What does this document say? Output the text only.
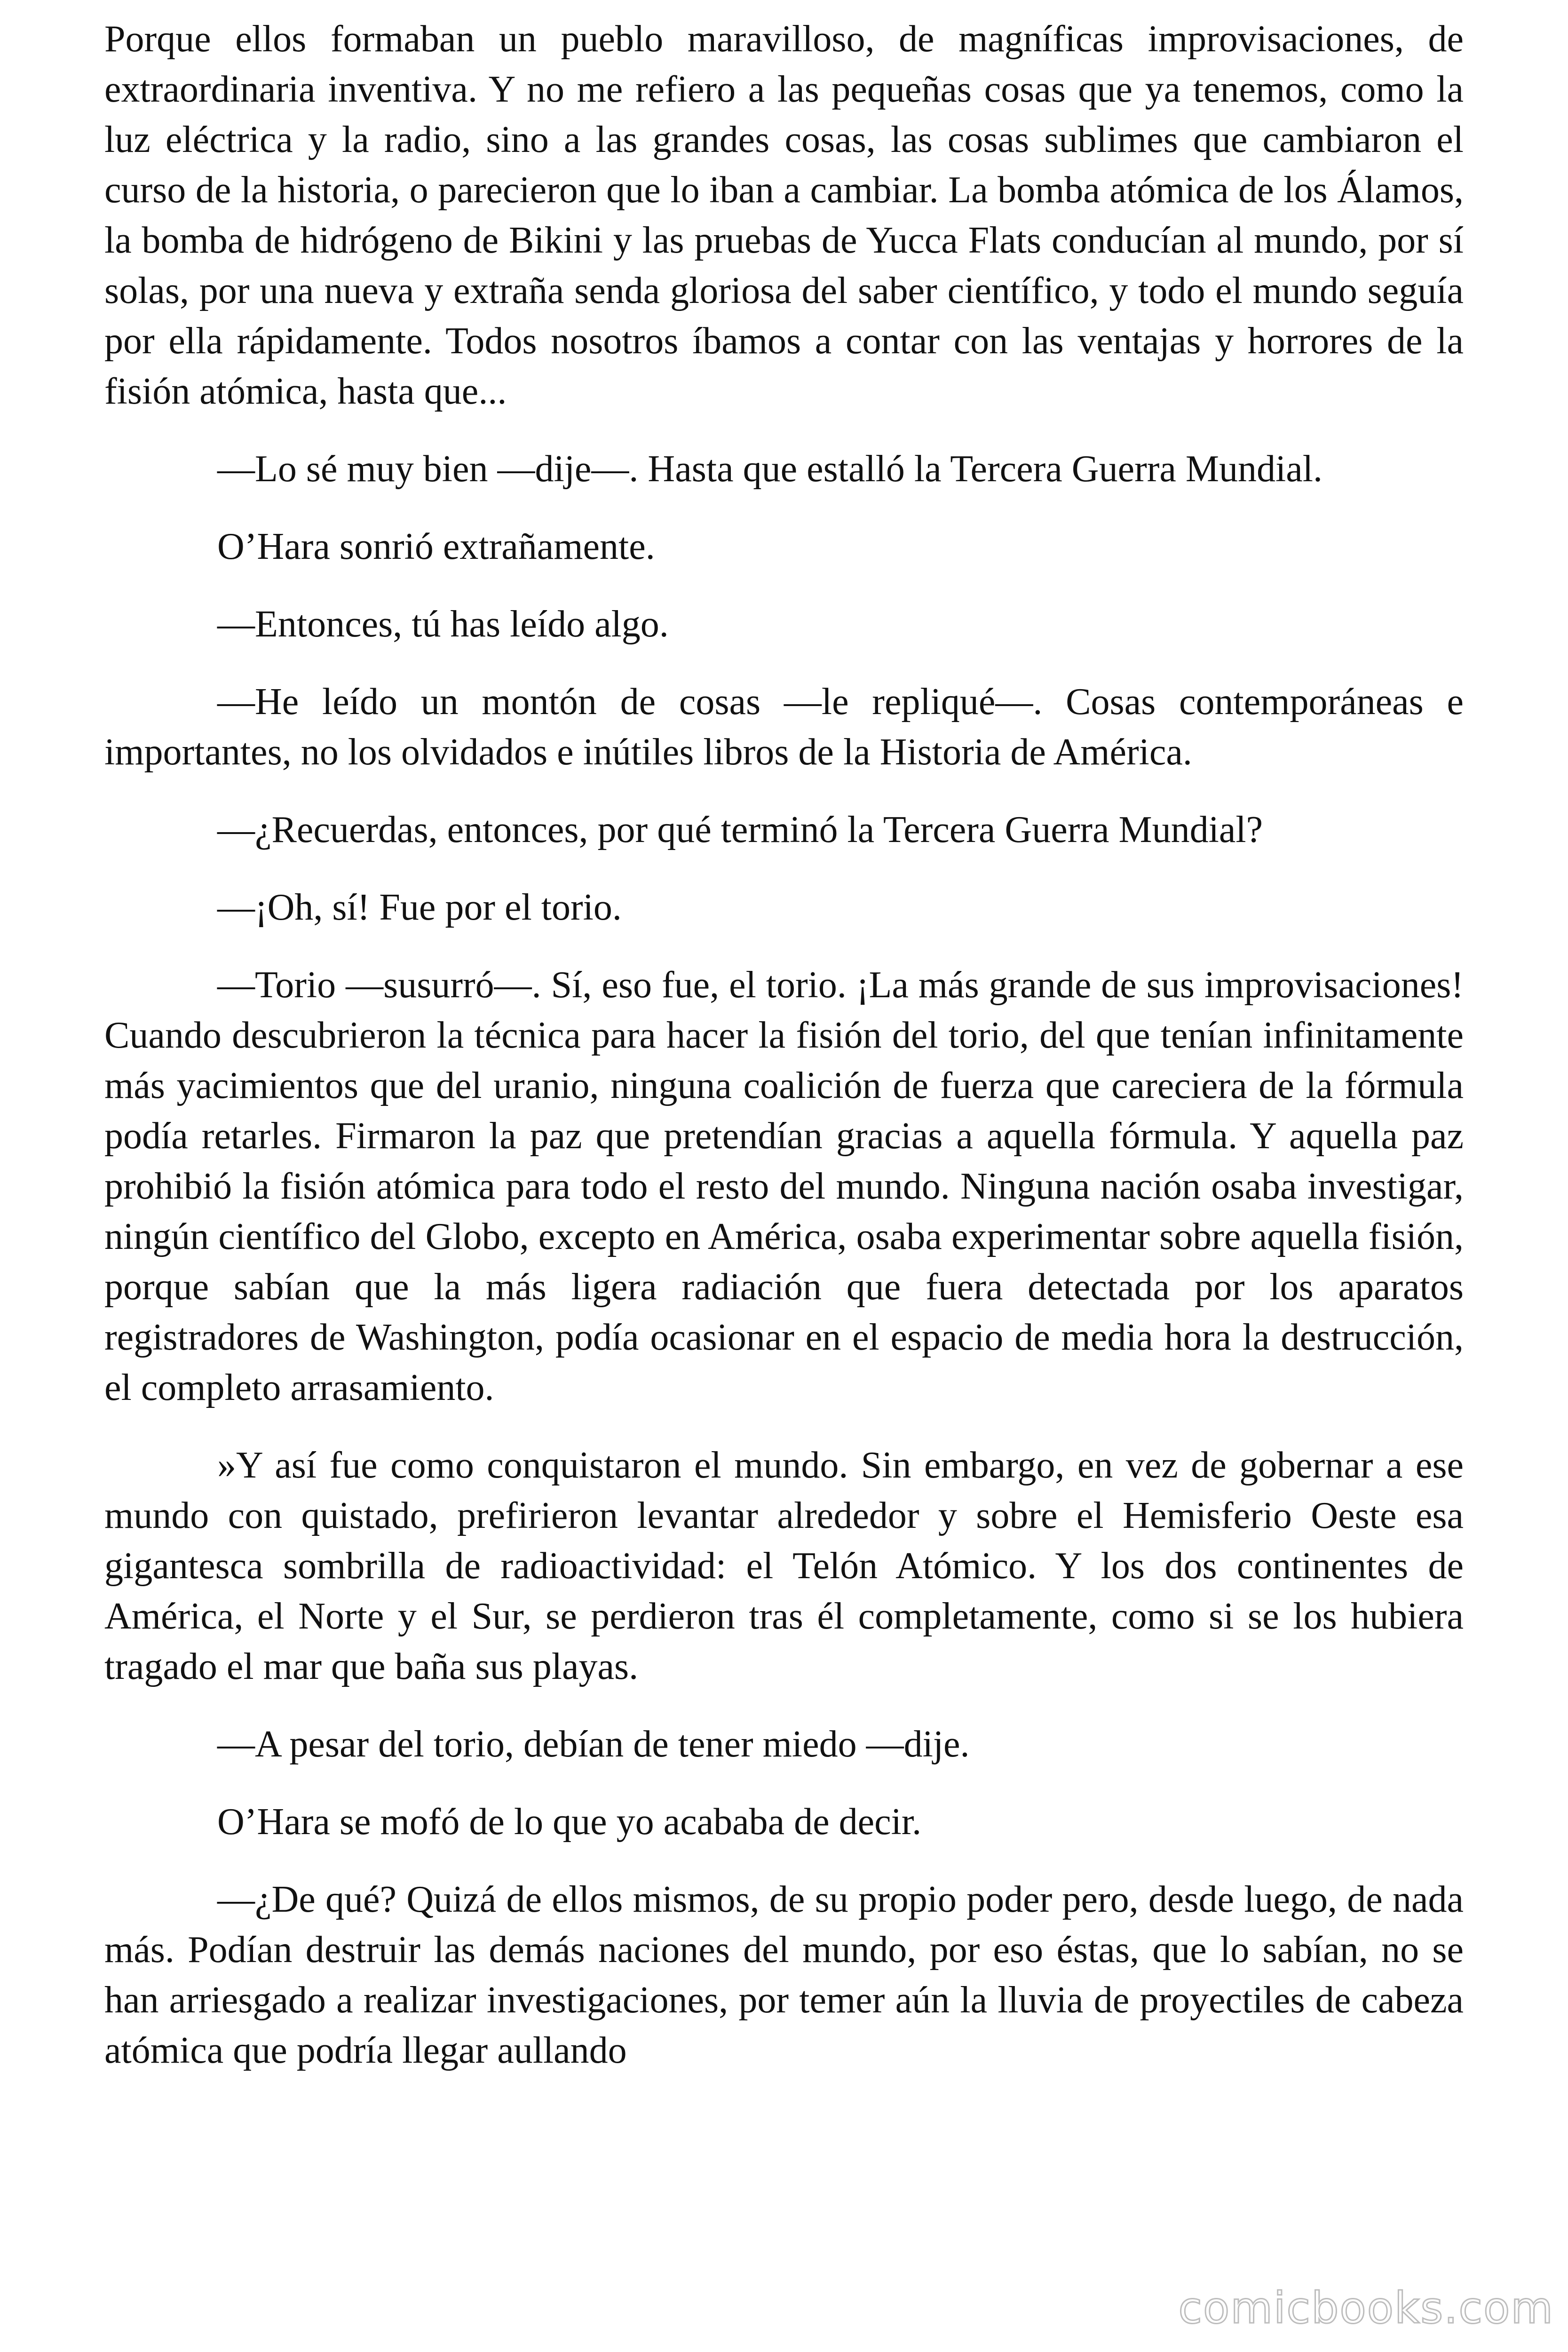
Porque ellos formaban un pueblo maravilloso, de magníficas improvisaciones, de extraordinaria inventiva. Y no me refiero a las pequeñas cosas que ya tenemos, como la luz eléctrica y la radio, sino a las grandes cosas, las cosas sublimes que cambiaron el curso de la historia, o parecieron que lo iban a cambiar. La bomba atómica de los Álamos, la bomba de hidrógeno de Bikini y las pruebas de Yucca Flats conducían al mundo, por sí solas, por una nueva y extraña senda gloriosa del saber científico, y todo el mundo seguía por ella rápidamente. Todos nosotros íbamos a contar con las ventajas y horrores de la fisión atómica, hasta que...

—Lo sé muy bien —dije—. Hasta que estalló la Tercera Guerra Mundial.

O’Hara sonrió extrañamente.

—Entonces, tú has leído algo.

—He leído un montón de cosas —le repliqué—. Cosas contemporáneas e importantes, no los olvidados e inútiles libros de la Historia de América.

—¿Recuerdas, entonces, por qué terminó la Tercera Guerra Mundial?

—¡Oh, sí! Fue por el torio.

—Torio —susurró—. Sí, eso fue, el torio. ¡La más grande de sus improvisaciones! Cuando descubrieron la técnica para hacer la fisión del torio, del que tenían infinitamente más yacimientos que del uranio, ninguna coalición de fuerza que careciera de la fórmula podía retarles. Firmaron la paz que pretendían gracias a aquella fórmula. Y aquella paz prohibió la fisión atómica para todo el resto del mundo. Ninguna nación osaba investigar, ningún científico del Globo, excepto en América, osaba experimentar sobre aquella fisión, porque sabían que la más ligera radiación que fuera detectada por los aparatos registradores de Washington, podía ocasionar en el espacio de media hora la destrucción, el completo arrasamiento.

»Y así fue como conquistaron el mundo. Sin embargo, en vez de gobernar a ese mundo con quistado, prefirieron levantar alrededor y sobre el Hemisferio Oeste esa gigantesca sombrilla de radioactividad: el Telón Atómico. Y los dos continentes de América, el Norte y el Sur, se perdieron tras él completamente, como si se los hubiera tragado el mar que baña sus playas.

—A pesar del torio, debían de tener miedo —dije.

O’Hara se mofó de lo que yo acababa de decir.

—¿De qué? Quizá de ellos mismos, de su propio poder pero, desde luego, de nada más. Podían destruir las demás naciones del mundo, por eso éstas, que lo sabían, no se han arriesgado a realizar investigaciones, por temer aún la lluvia de proyectiles de cabeza atómica que podría llegar aullando

comicbooks.com
